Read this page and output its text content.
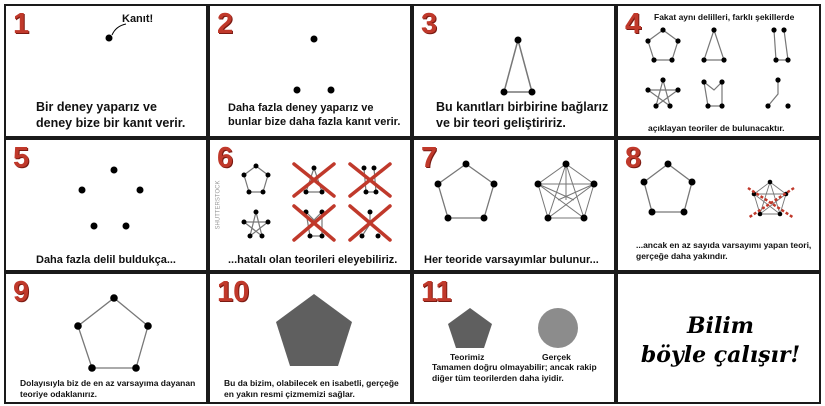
1	Kanıt!
Bir deney yaparız ve deney bize bir kanıt verir.
2
Daha fazla deney yaparız ve bunlar bize daha fazla kanıt verir.
3
Bu kanıtları birbirine bağlarız ve bir teori geliştiririz.
4 Fakat aynı delilleri, farklı şekillerde
açıklayan teoriler de bulunacaktır.
5
Daha fazla delil buldukça...
6
SHUTTERSTOCK
...hatalı olan teorileri eleyebiliriz.
7
Her teoride varsayımlar bulunur...
8
...ancak en az sayıda varsayımı yapan teori, gerçeğe daha yakındır.
9
Dolayısıyla biz de en az varsayıma dayanan teoriye odaklanırız.
10
Bu da bizim, olabilecek en isabetli, gerçeğe en yakın resmi çizmemizi sağlar.
11
Teorimiz	Gerçek
Tamamen doğru olmayabilir; ancak rakip diğer tüm teorilerden daha iyidir.
Bilim
böyle çalışır!
